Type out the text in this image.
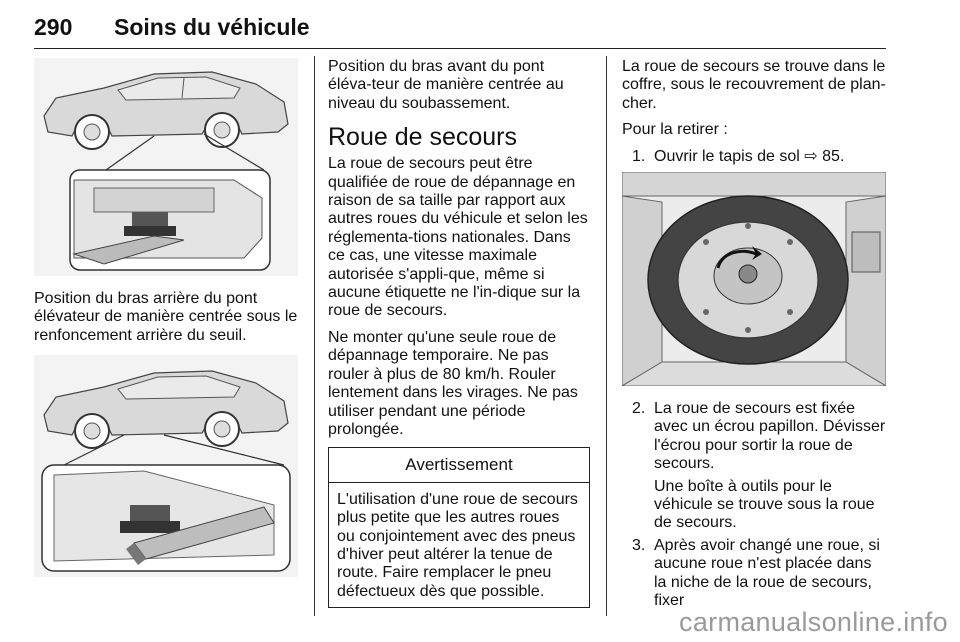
290 Soins du véhicule

Position du bras arrière du pont élévateur de manière centrée sous le renfoncement arrière du seuil.

Position du bras avant du pont éléva-teur de manière centrée au niveau du soubassement.

Roue de secours

La roue de secours peut être qualifiée de roue de dépannage en raison de sa taille par rapport aux autres roues du véhicule et selon les réglementa-tions nationales. Dans ce cas, une vitesse maximale autorisée s'appli-que, même si aucune étiquette ne l'in-dique sur la roue de secours.

Ne monter qu'une seule roue de dépannage temporaire. Ne pas rouler à plus de 80 km/h. Rouler lentement dans les virages. Ne pas utiliser pendant une période prolongée.

Avertissement
L'utilisation d'une roue de secours plus petite que les autres roues ou conjointement avec des pneus d'hiver peut altérer la tenue de route. Faire remplacer le pneu défectueux dès que possible.

La roue de secours se trouve dans le coffre, sous le recouvrement de plan-cher.

Pour la retirer :

1. Ouvrir le tapis de sol ⇨ 85.
2. La roue de secours est fixée avec un écrou papillon. Dévisser l'écrou pour sortir la roue de secours.

Une boîte à outils pour le véhicule se trouve sous la roue de secours.

3. Après avoir changé une roue, si aucune roue n'est placée dans la niche de la roue de secours, fixer

carmanualsonline.info
